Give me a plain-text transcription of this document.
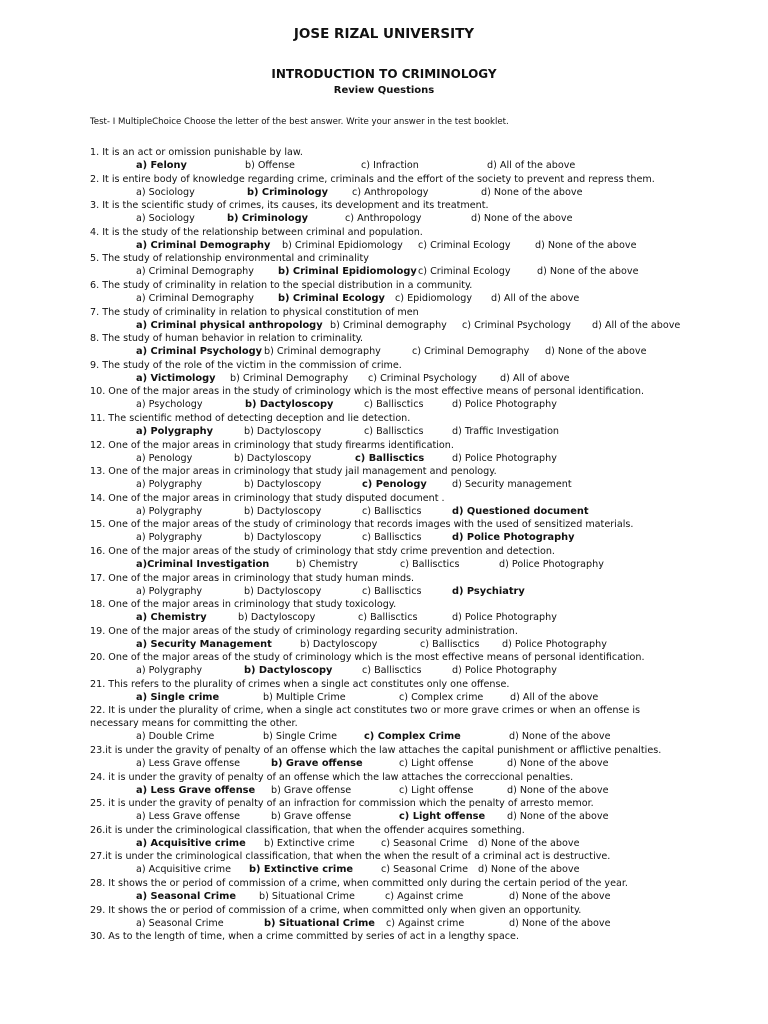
JOSE RIZAL UNIVERSITY
INTRODUCTION TO CRIMINOLOGY
Review Questions
Test- I MultipleChoice Choose the letter of the best answer. Write your answer in the test booklet.
1. It is an act or omission punishable by law.
a) Felony	b) Offense	c) Infraction	d) All of the above
2. It is entire body of knowledge regarding crime, criminals and the effort of the society to prevent and repress them.
a) Sociology	b) Criminology c) Anthropology	d) None of the above
3. It is the scientific study of crimes, its causes, its development and its treatment.
a) Sociology	b) Criminology	c) Anthropology	d) None of the above
4. It is the study of the relationship between criminal and population.
a) Criminal Demography b) Criminal Epidiomology c) Criminal Ecology	d) None of the above
5. The study of relationship environmental and criminality
a) Criminal Demography b) Criminal Epidiomology c) Criminal Ecology	d) None of the above
6. The study of criminality in relation to the special distribution in a community.
a) Criminal Demography b) Criminal Ecology c) Epidiomology d) All of the above
7. The study of criminality in relation to physical constitution of men
a) Criminal physical anthropology b) Criminal demography c) Criminal Psychology d) All of the above
8. The study of human behavior in relation to criminality.
a) Criminal Psychology b) Criminal demography	c) Criminal Demography d) None of the above
9. The study of the role of the victim in the commission of crime.
a) Victimology b) Criminal Demography c) Criminal Psychology d) All of above
10. One of the major areas in the study of criminology which is the most effective means of personal identification.
a) Psychology	b) Dactyloscopy	c) Ballisctics	d) Police Photography
11. The scientific method of detecting deception and lie detection.
a) Polygraphy	b) Dactyloscopy	c) Ballisctics	d) Traffic Investigation
12. One of the major areas in criminology that study firearms identification.
a) Penology	b) Dactyloscopy	c) Ballisctics	d) Police Photography
13. One of the major areas in criminology that study jail management and penology.
a) Polygraphy	b) Dactyloscopy	c) Penology	d) Security management
14. One of the major areas in criminology that study disputed document .
a) Polygraphy	b) Dactyloscopy	c) Ballisctics	d) Questioned document
15. One of the major areas of the study of criminology that records images with the used of sensitized materials.
a) Polygraphy	b) Dactyloscopy	c) Ballisctics	d) Police Photography
16. One of the major areas of the study of criminology that stdy crime prevention and detection.
a)Criminal Investigation	b) Chemistry	c) Ballisctics	d) Police Photography
17. One of the major areas in criminology that study human minds.
a) Polygraphy	b) Dactyloscopy	c) Ballisctics	d) Psychiatry
18. One of the major areas in criminology that study toxicology.
a) Chemistry	b) Dactyloscopy	c) Ballisctics	d) Police Photography
19. One of the major areas of the study of criminology regarding security administration.
a) Security Management	b) Dactyloscopy	c) Ballisctics d) Police Photography
20. One of the major areas of the study of criminology which is the most effective means of personal identification.
a) Polygraphy	b) Dactyloscopy	c) Ballisctics	d) Police Photography
21. This refers to the plurality of crimes when a single act constitutes only one offense.
a) Single crime	b) Multiple Crime	c) Complex crime	d) All of the above
22. It is under the plurality of crime, when a single act constitutes two or more grave crimes or when an offense is
necessary means for committing the other.
a) Double Crime	b) Single Crime	c) Complex Crime	d) None of the above
23.it is under the gravity of penalty of an offense which the law attaches the capital punishment or afflictive penalties.
a) Less Grave offense	b) Grave offense	c) Light offense	d) None of the above
24. it is under the gravity of penalty of an offense which the law attaches the correccional penalties.
a) Less Grave offense b) Grave offense	c) Light offense	d) None of the above
25. it is under the gravity of penalty of an infraction for commission which the penalty of arresto memor.
a) Less Grave offense	b) Grave offense	c) Light offense d) None of the above
26.it is under the criminological classification, that when the offender acquires something.
a) Acquisitive crime b) Extinctive crime	c) Seasonal Crime d) None of the above
27.it is under the criminological classification, that when the when the result of a criminal act is destructive.
a) Acquisitive crime b) Extinctive crime	c) Seasonal Crime d) None of the above
28. It shows the or period of commission of a crime, when committed only during the certain period of the year.
a) Seasonal Crime b) Situational Crime	c) Against crime	d) None of the above
29. It shows the or period of commission of a crime, when committed only when given an opportunity.
a) Seasonal Crime	b) Situational Crime c) Against crime	d) None of the above
30. As to the length of time, when a crime committed by series of act in a lengthy space.
